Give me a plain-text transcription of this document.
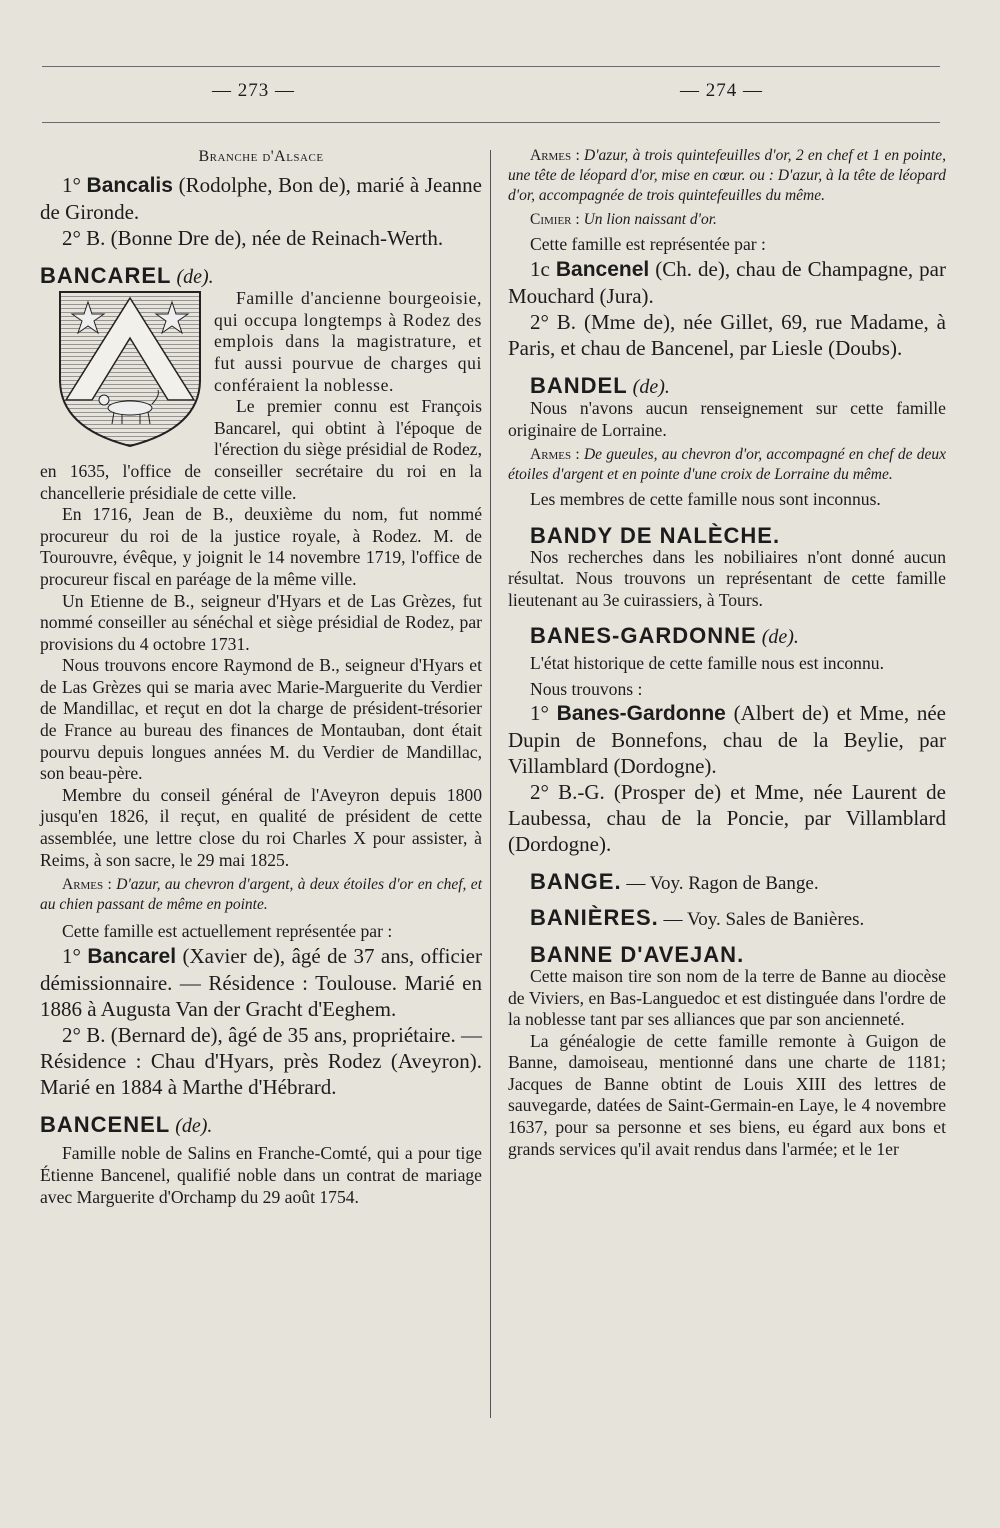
— 273 —	— 274 —

Branche d'Alsace

1° Bancalis (Rodolphe, Bon de), marié à Jeanne de Gironde.

2° B. (Bonne Dre de), née de Reinach-Werth.

BANCAREL (de).

Famille d'ancienne bourgeoisie, qui occupa longtemps à Rodez des emplois dans la magistrature, et fut aussi pourvue de charges qui conféraient la noblesse.

Le premier connu est François Bancarel, qui obtint à l'époque de l'érection du siège présidial de Rodez, en 1635, l'office de conseiller secrétaire du roi en la chancellerie présidiale de cette ville.

En 1716, Jean de B., deuxième du nom, fut nommé procureur du roi de la justice royale, à Rodez. M. de Tourouvre, évêque, y joignit le 14 novembre 1719, l'office de procureur fiscal en paréage de la même ville.

Un Etienne de B., seigneur d'Hyars et de Las Grèzes, fut nommé conseiller au sénéchal et siège présidial de Rodez, par provisions du 4 octobre 1731.

Nous trouvons encore Raymond de B., seigneur d'Hyars et de Las Grèzes qui se maria avec Marie-Marguerite du Verdier de Mandillac, et reçut en dot la charge de président-trésorier de France au bureau des finances de Montauban, dont était pourvu depuis longues années M. du Verdier de Mandillac, son beau-père.

Membre du conseil général de l'Aveyron depuis 1800 jusqu'en 1826, il reçut, en qualité de président de cette assemblée, une lettre close du roi Charles X pour assister, à Reims, à son sacre, le 29 mai 1825.

Armes : D'azur, au chevron d'argent, à deux étoiles d'or en chef, et au chien passant de même en pointe.

Cette famille est actuellement représentée par :

1° Bancarel (Xavier de), âgé de 37 ans, officier démissionnaire. — Résidence : Toulouse. Marié en 1886 à Augusta Van der Gracht d'Eeghem.

2° B. (Bernard de), âgé de 35 ans, propriétaire. — Résidence : Chau d'Hyars, près Rodez (Aveyron). Marié en 1884 à Marthe d'Hébrard.

BANCENEL (de).

Famille noble de Salins en Franche-Comté, qui a pour tige Étienne Bancenel, qualifié noble dans un contrat de mariage avec Marguerite d'Orchamp du 29 août 1754.

Armes : D'azur, à trois quintefeuilles d'or, 2 en chef et 1 en pointe, une tête de léopard d'or, mise en cœur. ou : D'azur, à la tête de léopard d'or, accompagnée de trois quintefeuilles du même.

Cimier : Un lion naissant d'or.

Cette famille est représentée par :

1c Bancenel (Ch. de), chau de Champagne, par Mouchard (Jura).

2° B. (Mme de), née Gillet, 69, rue Madame, à Paris, et chau de Bancenel, par Liesle (Doubs).

BANDEL (de).

Nous n'avons aucun renseignement sur cette famille originaire de Lorraine.

Armes : De gueules, au chevron d'or, accompagné en chef de deux étoiles d'argent et en pointe d'une croix de Lorraine du même.

Les membres de cette famille nous sont inconnus.

BANDY DE NALÈCHE.

Nos recherches dans les nobiliaires n'ont donné aucun résultat. Nous trouvons un représentant de cette famille lieutenant au 3e cuirassiers, à Tours.

BANES-GARDONNE (de).

L'état historique de cette famille nous est inconnu.

Nous trouvons :

1° Banes-Gardonne (Albert de) et Mme, née Dupin de Bonnefons, chau de la Beylie, par Villamblard (Dordogne).

2° B.-G. (Prosper de) et Mme, née Laurent de Laubessa, chau de la Poncie, par Villamblard (Dordogne).

BANGE. — Voy. Ragon de Bange.

BANIÈRES. — Voy. Sales de Banières.

BANNE D'AVEJAN.

Cette maison tire son nom de la terre de Banne au diocèse de Viviers, en Bas-Languedoc et est distinguée dans l'ordre de la noblesse tant par ses alliances que par son ancienneté.

La généalogie de cette famille remonte à Guigon de Banne, damoiseau, mentionné dans une charte de 1181; Jacques de Banne obtint de Louis XIII des lettres de sauvegarde, datées de Saint-Germain-en Laye, le 4 novembre 1637, pour sa personne et ses biens, eu égard aux bons et grands services qu'il avait rendus dans l'armée; et le 1er
